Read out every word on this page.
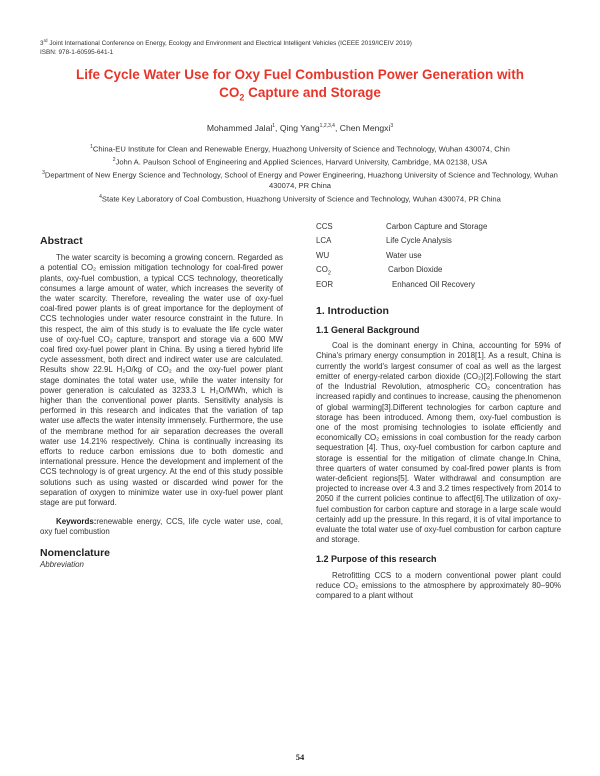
3rd Joint International Conference on Energy, Ecology and Environment and Electrical Intelligent Vehicles (ICEEE 2019/ICEIV 2019)
ISBN: 978-1-60595-641-1
Life Cycle Water Use for Oxy Fuel Combustion Power Generation with
$CO_2$ Capture and Storage
Mohammed Jalal$^1$, Qing Yang$^{1,2,3,4}$, Chen Mengxi$^3$
$^1$China-EU Institute for Clean and Renewable Energy, Huazhong University of Science and Technology, Wuhan 430074, Chin
$^2$John A. Paulson School of Engineering and Applied Sciences, Harvard University, Cambridge, MA 02138, USA
$^3$Department of New Energy Science and Technology, School of Energy and Power Engineering, Huazhong University of Science and Technology, Wuhan 430074, PR China
$^4$State Key Laboratory of Coal Combustion, Huazhong University of Science and Technology, Wuhan 430074, PR China
Abstract

The water scarcity is becoming a growing concern. Regarded as a potential CO₂ emission mitigation technology for coal-fired power plants, oxy-fuel combustion, a typical CCS technology, theoretically consumes a large amount of water, which increases the severity of the water scarcity. Therefore, revealing the water use of oxy-fuel coal-fired power plants is of great importance for the deployment of CCS technologies under water resource constraint in the future. In this respect, the aim of this study is to evaluate the life cycle water use of oxy-fuel CO₂ capture, transport and storage via a 600 MW coal fired oxy-fuel power plant in China. By using a tiered hybrid life cycle assessment, both direct and indirect water use are calculated. Results show 22.9L H₂O/kg of CO₂ and the oxy-fuel power plant stage dominates the total water use, while the water intensity for power generation is calculated as 3233.3 L H₂O/MWh, which is higher than the conventional power plants. Sensitivity analysis is performed in this research and indicates that the variation of tap water use affects the water intensity immensely. Furthermore, the use of the membrane method for air separation decreases the overall water use 14.21% respectively. China is continually increasing its efforts to reduce carbon emissions due to both domestic and international pressure. Hence the development and implement of the CCS technology is of great urgency. At the end of this study possible solutions such as using wasted or discarded wind power for the separation of oxygen to minimize water use in oxy-fuel power plant stage are put forward.

Keywords:renewable energy, CCS, life cycle water use, coal, oxy fuel combustion

Nomenclature
Abbreviation
CCS	Carbon Capture and Storage
LCA	Life Cycle Analysis
WU	Water use
$CO_2$	Carbon Dioxide
EOR	Enhanced Oil Recovery
1. Introduction
1.1 General Background

Coal is the dominant energy in China, accounting for 59% of China's primary energy consumption in 2018[1]. As a result, China is currently the world's largest consumer of coal as well as the largest emitter of energy-related carbon dioxide (CO₂)[2].Following the start of the Industrial Revolution, atmospheric CO₂ concentration has increased rapidly and continues to increase, causing the phenomenon of global warming[3].Different technologies for carbon capture and storage has been introduced. Among them, oxy-fuel combustion is one of the most promising technologies to isolate efficiently and economically CO₂ emissions in coal combustion for the ready carbon sequestration [4]. Thus, oxy-fuel combustion for carbon capture and storage is essential for the mitigation of climate change.In China, three quarters of water consumed by coal-fired power plants is from water-deficient regions[5]. Water withdrawal and consumption are projected to increase over 4.3 and 3.2 times respectively from 2014 to 2050 if the current policies continue to affect[6].The utilization of oxy-fuel combustion for carbon capture and storage in a large scale would certainly add up the pressure. In this regard, it is of vital importance to evaluate the total water use of oxy-fuel combustion for carbon capture and storage.

1.2 Purpose of this research

Retrofitting CCS to a modern conventional power plant could reduce CO₂ emissions to the atmosphere by approximately 80–90% compared to a plant without

54
